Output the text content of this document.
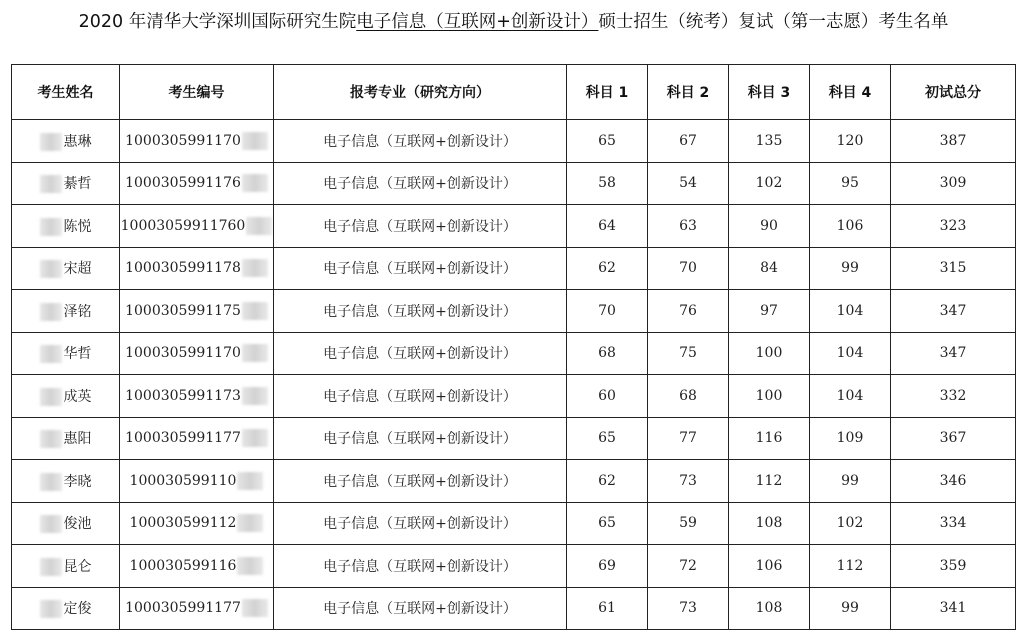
2020 年清华大学深圳国际研究生院电子信息（互联网+创新设计）硕士招生（统考）复试（第一志愿）考生名单
考生姓名	考生编号	报考专业（研究方向）	科目 1	科目 2	科目 3	科目 4	初试总分
惠琳	1000305991170	电子信息（互联网+创新设计）	65	67	135	120	387
綦哲	1000305991176	电子信息（互联网+创新设计）	58	54	102	95	309
陈悦	10003059911760	电子信息（互联网+创新设计）	64	63	90	106	323
宋超	1000305991178	电子信息（互联网+创新设计）	62	70	84	99	315
泽铭	1000305991175	电子信息（互联网+创新设计）	70	76	97	104	347
华哲	1000305991170	电子信息（互联网+创新设计）	68	75	100	104	347
成英	1000305991173	电子信息（互联网+创新设计）	60	68	100	104	332
惠阳	1000305991177	电子信息（互联网+创新设计）	65	77	116	109	367
李晓	100030599110	电子信息（互联网+创新设计）	62	73	112	99	346
俊池	100030599112	电子信息（互联网+创新设计）	65	59	108	102	334
昆仑	100030599116	电子信息（互联网+创新设计）	69	72	106	112	359
定俊	1000305991177	电子信息（互联网+创新设计）	61	73	108	99	341
